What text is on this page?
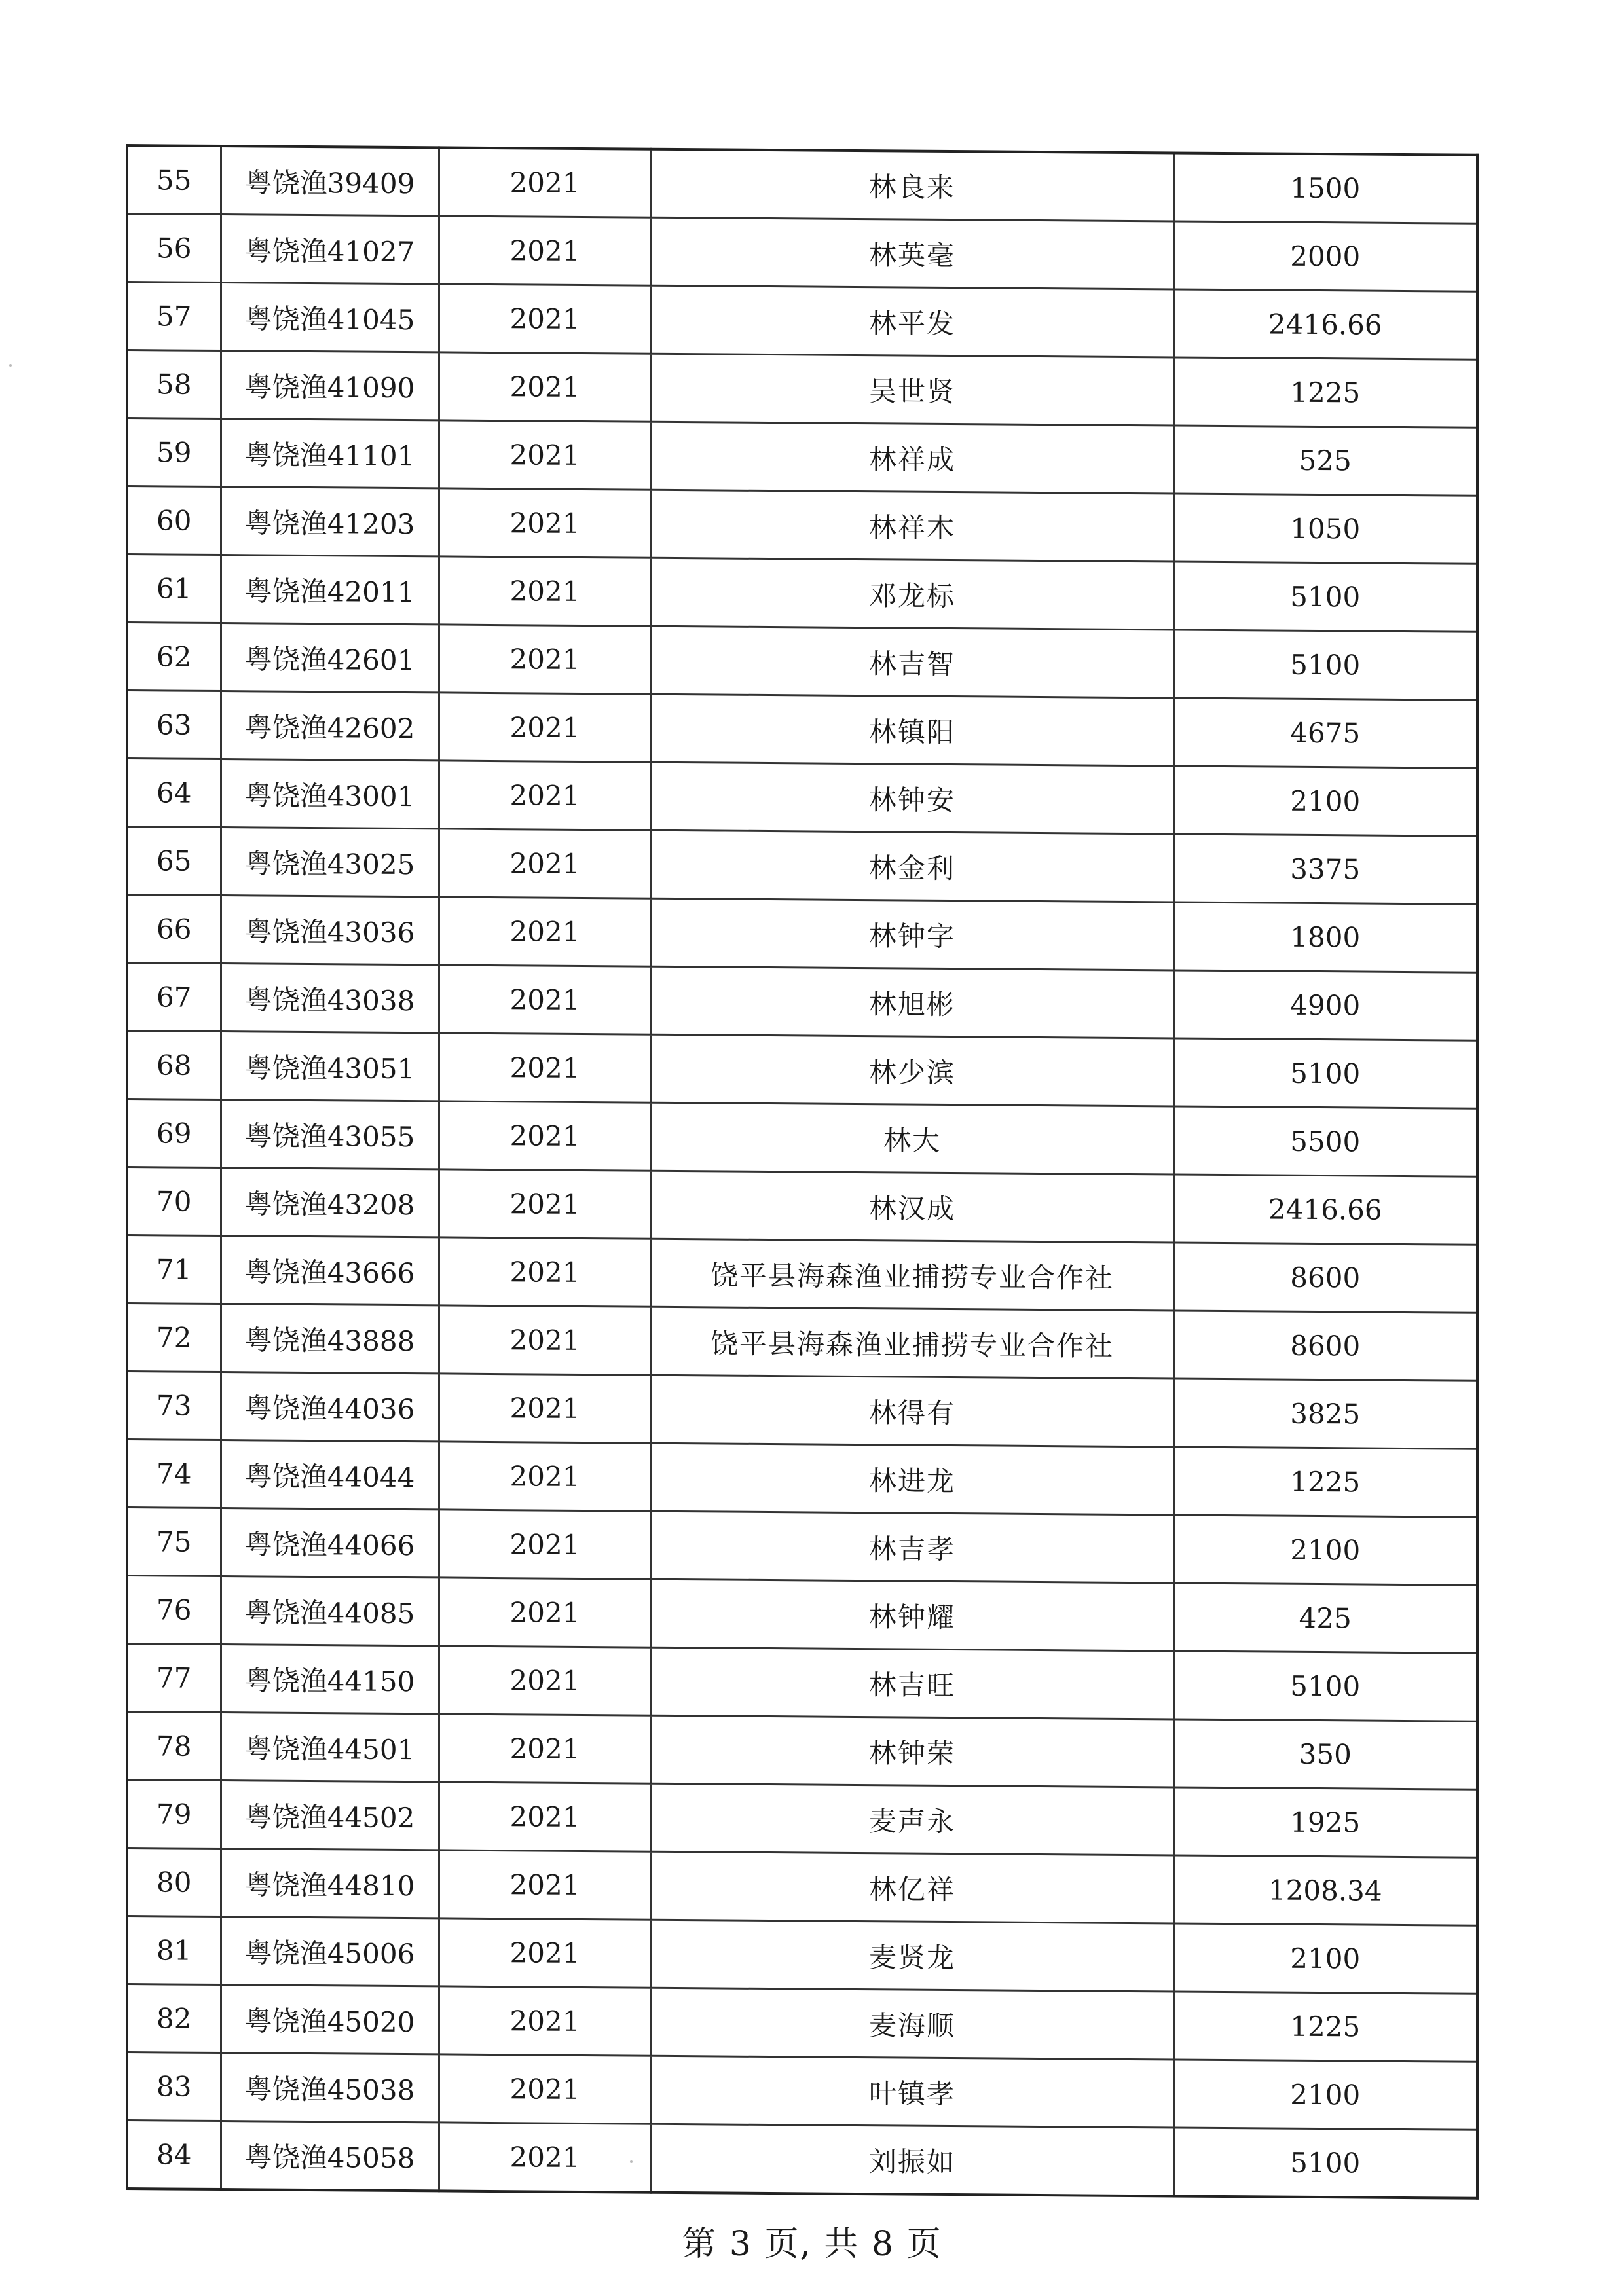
55	粤饶渔39409	2021	林良来	1500
56	粤饶渔41027	2021	林英毫	2000
57	粤饶渔41045	2021	林平发	2416.66
58	粤饶渔41090	2021	吴世贤	1225
59	粤饶渔41101	2021	林祥成	525
60	粤饶渔41203	2021	林祥木	1050
61	粤饶渔42011	2021	邓龙标	5100
62	粤饶渔42601	2021	林吉智	5100
63	粤饶渔42602	2021	林镇阳	4675
64	粤饶渔43001	2021	林钟安	2100
65	粤饶渔43025	2021	林金利	3375
66	粤饶渔43036	2021	林钟字	1800
67	粤饶渔43038	2021	林旭彬	4900
68	粤饶渔43051	2021	林少滨	5100
69	粤饶渔43055	2021	林大	5500
70	粤饶渔43208	2021	林汉成	2416.66
71	粤饶渔43666	2021	饶平县海森渔业捕捞专业合作社	8600
72	粤饶渔43888	2021	饶平县海森渔业捕捞专业合作社	8600
73	粤饶渔44036	2021	林得有	3825
74	粤饶渔44044	2021	林进龙	1225
75	粤饶渔44066	2021	林吉孝	2100
76	粤饶渔44085	2021	林钟耀	425
77	粤饶渔44150	2021	林吉旺	5100
78	粤饶渔44501	2021	林钟荣	350
79	粤饶渔44502	2021	麦声永	1925
80	粤饶渔44810	2021	林亿祥	1208.34
81	粤饶渔45006	2021	麦贤龙	2100
82	粤饶渔45020	2021	麦海顺	1225
83	粤饶渔45038	2021	叶镇孝	2100
84	粤饶渔45058	2021	刘振如	5100
第 3 页, 共 8 页
